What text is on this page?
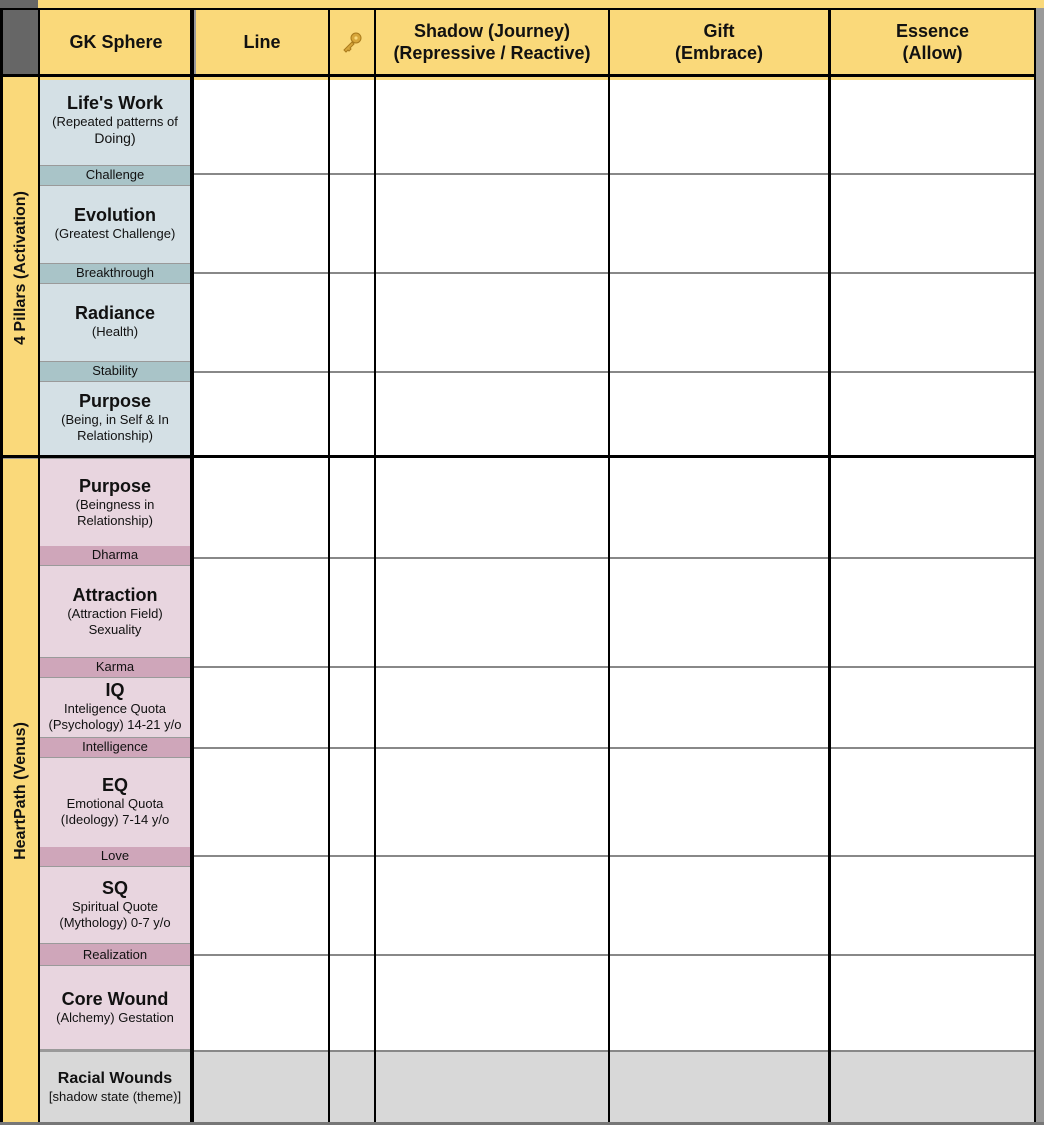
GK Sphere	Line
Shadow (Journey)
(Repressive / Reactive)
Gift
(Embrace)
Essence
(Allow)
4 Pillars (Activation)
HeartPath (Venus)
Life's Work
(Repeated patterns of
Doing)
Challenge
Evolution
(Greatest Challenge)
Breakthrough
Radiance
(Health)
Stability
Purpose
(Being, in Self & In Relationship)
Purpose
(Beingness in
Relationship)
Dharma
Attraction
(Attraction Field)
Sexuality
Karma
IQ
Inteligence Quota
(Psychology) 14-21 y/o
Intelligence
EQ
Emotional Quota
(Ideology) 7-14 y/o
Love
SQ
Spiritual Quote
(Mythology) 0-7 y/o
Realization
Core Wound
(Alchemy) Gestation
Racial Wounds
[shadow state (theme)]
